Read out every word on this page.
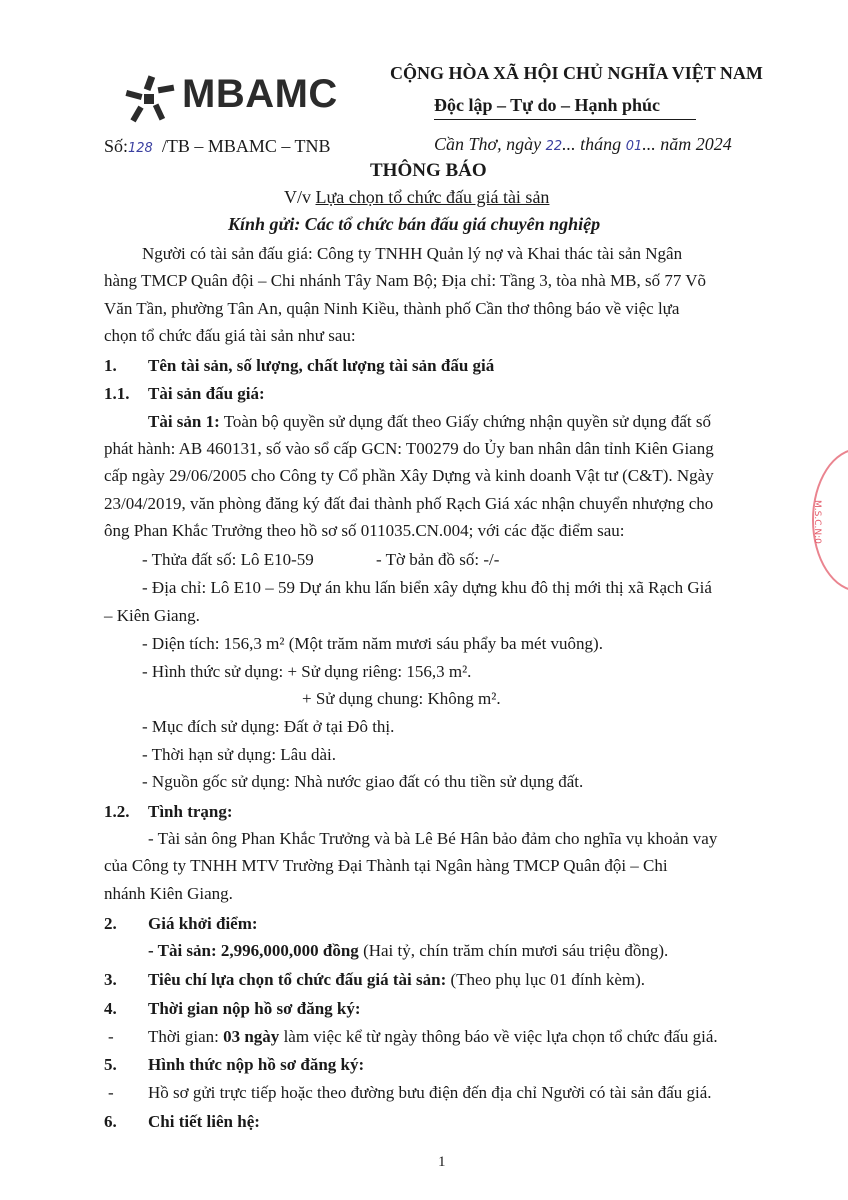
MBAMC	CỘNG HÒA XÃ HỘI CHỦ NGHĨA VIỆT NAM
Độc lập – Tự do – Hạnh phúc
Số:128 /TB – MBAMC – TNB	Cần Thơ, ngày 22... tháng 01... năm 2024
THÔNG BÁO
V/v Lựa chọn tổ chức đấu giá tài sản
Kính gửi: Các tổ chức bán đấu giá chuyên nghiệp
Người có tài sản đấu giá: Công ty TNHH Quản lý nợ và Khai thác tài sản Ngân
hàng TMCP Quân đội – Chi nhánh Tây Nam Bộ; Địa chỉ: Tầng 3, tòa nhà MB, số 77 Võ
Văn Tần, phường Tân An, quận Ninh Kiều, thành phố Cần thơ thông báo về việc lựa
chọn tổ chức đấu giá tài sản như sau:
1. Tên tài sản, số lượng, chất lượng tài sản đấu giá
1.1. Tài sản đấu giá:
Tài sản 1: Toàn bộ quyền sử dụng đất theo Giấy chứng nhận quyền sử dụng đất số
phát hành: AB 460131, số vào sổ cấp GCN: T00279 do Ủy ban nhân dân tỉnh Kiên Giang
cấp ngày 29/06/2005 cho Công ty Cổ phần Xây Dựng và kinh doanh Vật tư (C&T). Ngày
23/04/2019, văn phòng đăng ký đất đai thành phố Rạch Giá xác nhận chuyển nhượng cho
ông Phan Khắc Trưởng theo hồ sơ số 011035.CN.004; với các đặc điểm sau:
- Thửa đất số: Lô E10-59	- Tờ bản đồ số: -/-
- Địa chỉ: Lô E10 – 59 Dự án khu lấn biển xây dựng khu đô thị mới thị xã Rạch Giá
– Kiên Giang.
- Diện tích: 156,3 m² (Một trăm năm mươi sáu phẩy ba mét vuông).
- Hình thức sử dụng: + Sử dụng riêng: 156,3 m².
+ Sử dụng chung: Không m².
- Mục đích sử dụng: Đất ở tại Đô thị.
- Thời hạn sử dụng: Lâu dài.
- Nguồn gốc sử dụng: Nhà nước giao đất có thu tiền sử dụng đất.
1.2. Tình trạng:
- Tài sản ông Phan Khắc Trưởng và bà Lê Bé Hân bảo đảm cho nghĩa vụ khoản vay
của Công ty TNHH MTV Trường Đại Thành tại Ngân hàng TMCP Quân đội – Chi
nhánh Kiên Giang.
2. Giá khởi điểm:
- Tài sản: 2,996,000,000 đồng (Hai tỷ, chín trăm chín mươi sáu triệu đồng).
3. Tiêu chí lựa chọn tổ chức đấu giá tài sản: (Theo phụ lục 01 đính kèm).
4. Thời gian nộp hồ sơ đăng ký:
- Thời gian: 03 ngày làm việc kể từ ngày thông báo về việc lựa chọn tổ chức đấu giá.
5. Hình thức nộp hồ sơ đăng ký:
- Hồ sơ gửi trực tiếp hoặc theo đường bưu điện đến địa chỉ Người có tài sản đấu giá.
6. Chi tiết liên hệ:
1
M.S.C.N:0
